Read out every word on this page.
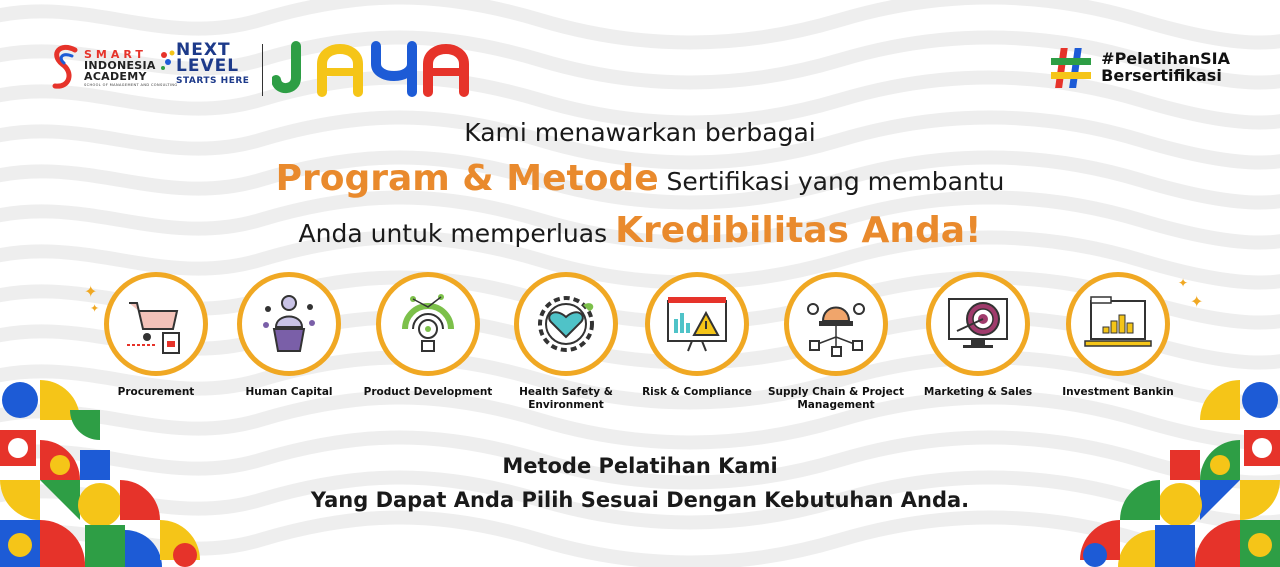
SMART
INDONESIA
ACADEMY
SCHOOL OF MANAGEMENT AND CONSULTING
NEXT
LEVEL
STARTS HERE
#PelatihanSIA
Bersertifikasi
Kami menawarkan berbagai
Program & Metode Sertifikasi yang membantu
Anda untuk memperluas Kredibilitas Anda!
✦
✦
✦
✦
Procurement	Human Capital	Product Development	Health Safety & Environment
Risk & Compliance	Supply Chain & Project Management
Marketing & Sales	Investment Bankin
Metode Pelatihan Kami
Yang Dapat Anda Pilih Sesuai Dengan Kebutuhan Anda.
